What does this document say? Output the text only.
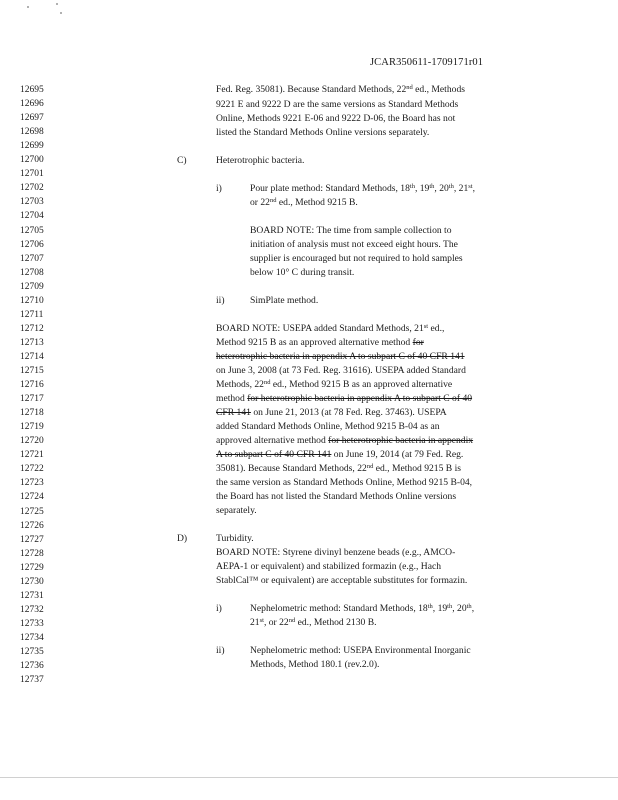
JCAR350611-1709171r01
12695
12696
12697
12698
12699
12700
12701
12702
12703
12704
12705
12706
12707
12708
12709
12710
12711
12712
12713
12714
12715
12716
12717
12718
12719
12720
12721
12722
12723
12724
12725
12726
12727
12728
12729
12730
12731
12732
12733
12734
12735
12736
12737
Fed. Reg. 35081). Because Standard Methods, 22nd ed., Methods
9221 E and 9222 D are the same versions as Standard Methods
Online, Methods 9221 E-06 and 9222 D-06, the Board has not
listed the Standard Methods Online versions separately.
C)	Heterotrophic bacteria.
i)	Pour plate method: Standard Methods, 18th, 19th, 20th, 21st,
or 22nd ed., Method 9215 B.
BOARD NOTE: The time from sample collection to
initiation of analysis must not exceed eight hours. The
supplier is encouraged but not required to hold samples
below 10° C during transit.
ii)	SimPlate method.
BOARD NOTE: USEPA added Standard Methods, 21st ed.,
Method 9215 B as an approved alternative method for
heterotrophic bacteria in appendix A to subpart C of 40 CFR 141
on June 3, 2008 (at 73 Fed. Reg. 31616). USEPA added Standard
Methods, 22nd ed., Method 9215 B as an approved alternative
method for heterotrophic bacteria in appendix A to subpart C of 40
CFR 141 on June 21, 2013 (at 78 Fed. Reg. 37463). USEPA
added Standard Methods Online, Method 9215 B-04 as an
approved alternative method for heterotrophic bacteria in appendix
A to subpart C of 40 CFR 141 on June 19, 2014 (at 79 Fed. Reg.
35081). Because Standard Methods, 22nd ed., Method 9215 B is
the same version as Standard Methods Online, Method 9215 B-04,
the Board has not listed the Standard Methods Online versions
separately.
D)	Turbidity.
BOARD NOTE: Styrene divinyl benzene beads (e.g., AMCO-
AEPA-1 or equivalent) and stabilized formazin (e.g., Hach
StablCal™ or equivalent) are acceptable substitutes for formazin.
i)	Nephelometric method: Standard Methods, 18th, 19th, 20th,
21st, or 22nd ed., Method 2130 B.
ii)	Nephelometric method: USEPA Environmental Inorganic
Methods, Method 180.1 (rev.2.0).
